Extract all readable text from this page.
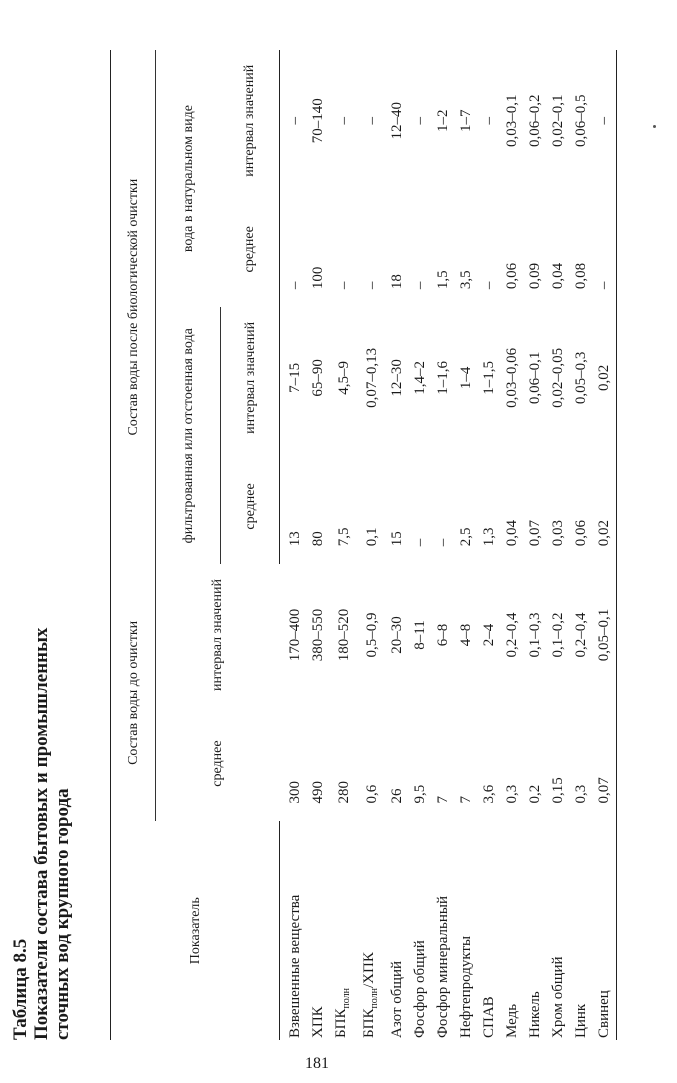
Таблица 8.5 Показатели состава бытовых и промышленных сточных вод крупного города	Показатель	Состав воды до очистки		Состав воды после биологической очистки			
	среднее	интервал значений	фильтрованная или отстоенная вода		вода в натуральном виде	
			среднее	интервал значений	среднее	интервал значений
Взвешенные вещества	300	170–400	13	7–15	–	–
ХПК	490	380–550	80	65–90	100	70–140
$БПК_{полн}$	280	180–520	7,5	4,5–9	–	–
$БПК_{полн}$/ХПК	0,6	0,5–0,9	0,1	0,07–0,13	–	–
Азот общий	26	20–30	15	12–30	18	12–40
Фосфор общий	9,5	8–11	–	1,4–2	–	–
Фосфор минеральный	7	6–8	–	1–1,6	1,5	1–2
Нефтепродукты	7	4–8	2,5	1–4	3,5	1–7
СПАВ	3,6	2–4	1,3	1–1,5	–	–
Медь	0,3	0,2–0,4	0,04	0,03–0,06	0,06	0,03–0,1
Никель	0,2	0,1–0,3	0,07	0,06–0,1	0,09	0,06–0,2
Хром общий	0,15	0,1–0,2	0,03	0,02–0,05	0,04	0,02–0,1
Цинк	0,3	0,2–0,4	0,06	0,05–0,3	0,08	0,06–0,5
Свинец	0,07	0,05–0,1	0,02	0,02	–	–
181
